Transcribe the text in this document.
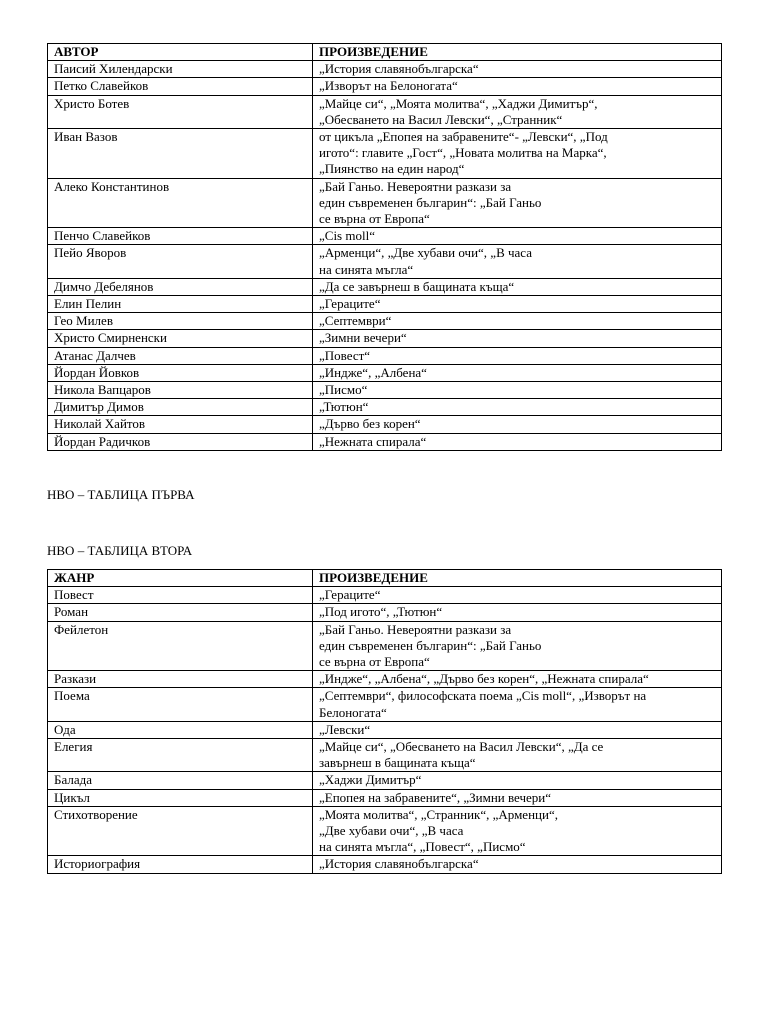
АВТОР	ПРОИЗВЕДЕНИЕ
Паисий Хилендарски	„История славянобългарска“
Петко Славейков	„Изворът на Белоногата“
Христо Ботев	„Майце си“, „Моята молитва“, „Хаджи Димитър“,
„Обесването на Васил Левски“, „Странник“
Иван Вазов	от цикъла „Епопея на забравените“- „Левски“, „Под
игото“: главите „Гост“, „Новата молитва на Марка“,
„Пиянство на един народ“
Алеко Константинов	„Бай Ганьо. Невероятни разкази за
един съвременен българин“: „Бай Ганьо
се върна от Европа“
Пенчо Славейков	„Cis moll“
Пейо Яворов	„Арменци“, „Две хубави очи“, „В часа
на синята мъгла“
Димчо Дебелянов	„Да се завърнеш в бащината къща“
Елин Пелин	„Гераците“
Гео Милев	„Септември“
Христо Смирненски	„Зимни вечери“
Атанас Далчев	„Повест“
Йордан Йовков	„Индже“, „Албена“
Никола Вапцаров	„Писмо“
Димитър Димов	„Тютюн“
Николай Хайтов	„Дърво без корен“
Йордан Радичков	„Нежната спирала“
НВО – ТАБЛИЦА ПЪРВА
НВО – ТАБЛИЦА ВТОРА
ЖАНР	ПРОИЗВЕДЕНИЕ
Повест	„Гераците“
Роман	„Под игото“, „Тютюн“
Фейлетон	„Бай Ганьо. Невероятни разкази за
един съвременен българин“: „Бай Ганьо
се върна от Европа“
Разкази	„Индже“, „Албена“, „Дърво без корен“, „Нежната спирала“
Поема	„Септември“, философската поема „Cis moll“, „Изворът на
Белоногата“
Ода	„Левски“
Елегия	„Майце си“, „Обесването на Васил Левски“, „Да се
завърнеш в бащината къща“
Балада	„Хаджи Димитър“
Цикъл	„Епопея на забравените“, „Зимни вечери“
Стихотворение	„Моята молитва“, „Странник“, „Арменци“,
„Две хубави очи“, „В часа
на синята мъгла“, „Повест“, „Писмо“
Историография	„История славянобългарска“
